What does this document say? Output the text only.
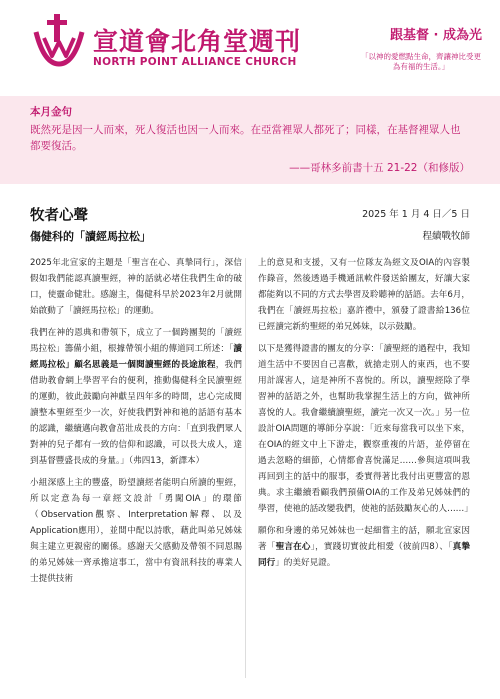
宣道會北角堂週刊
NORTH POINT ALLIANCE CHURCH
跟基督 · 成為光
「以神的愛燃點生命，齊讓神比受更為有福的生活。」
本月金句
既然死是因一人而來，死人復活也因一人而來。在亞當裡眾人都死了；同樣，在基督裡眾人也都要復活。
——哥林多前書十五 21-22（和修版）
牧者心聲
傷健科的「讀經馬拉松」
2025 年 1 月 4 日／5 日
程續戰牧師

2025年北宣家的主題是「聖言在心、真摯同行」，深信假如我們能認真讀聖經，神的話就必堵住我們生命的破口，使靈命健壯。感謝主，傷健科早於2023年2月就開始啟動了「讀經馬拉松」的運動。

我們在神的恩典和帶領下，成立了一個跨團契的「讀經馬拉松」籌備小組，根據帶領小組的傳道同工所述：「讀經馬拉松」顧名思義是一個閱讀聖經的長途旅程，我們借助教會網上學習平台的便利，推動傷健科全民讀聖經的運動，彼此鼓勵向神獻呈四年多的時間，忠心完成閱讀整本聖經至少一次，好使我們對神和祂的話語有基本的認識，繼續邁向教會茁壯成長的方向：「直到我們眾人對神的兒子都有一致的信仰和認識，可以長大成人，達到基督豐盛長成的身量。」（弗四13，新譯本）

小組深感上主的豐盛，盼望讀經者能明白所讀的聖經，所以定意為每一章經文設計「勇闖OIA」的環節（Observation觀察、Interpretation解釋、以及Application應用），並間中配以詩歌，藉此叫弟兄姊妹與主建立更親密的關係。感謝天父感動及帶領不同恩賜的弟兄姊妹一齊承擔這事工，當中有資訊科技的專業人士提供技術

上的意見和支援，又有一位隊友為經文及OIA的內容製作錄音，然後透過手機通訊軟件發送給團友，好讓大家都能夠以不同的方式去學習及聆聽神的話語。去年6月，我們在「讀經馬拉松」嘉許禮中，頒發了證書給136位已經讀完新約聖經的弟兄姊妹，以示鼓勵。

以下是獲得證書的團友的分享：「讀聖經的過程中，我知道生活中不要因自己喜歡，就搶走別人的東西，也不要用計謀害人，這是神所不喜悅的。所以，讀聖經除了學習神的話語之外，也幫助我掌握生活上的方向，做神所喜悅的人。我會繼續讀聖經，讀完一次又一次。」另一位設計OIA問題的導師分享說：「近來每當我可以坐下來，在OIA的經文中上下游走，觀察重複的片語，並停留在過去忽略的細節，心情都會喜悅滿足……參與這項叫我再回到主的話中的服事，委實得著比我付出更豐富的恩典。求主繼續看顧我們預備OIA的工作及弟兄姊妹們的學習，使祂的話改變我們，使祂的話鼓勵灰心的人……」

願你和身邊的弟兄姊妹也一起細嘗主的話，願北宣家因著「聖言在心」，實踐切實彼此相愛（彼前四8）、「真摯同行」的美好見證。
